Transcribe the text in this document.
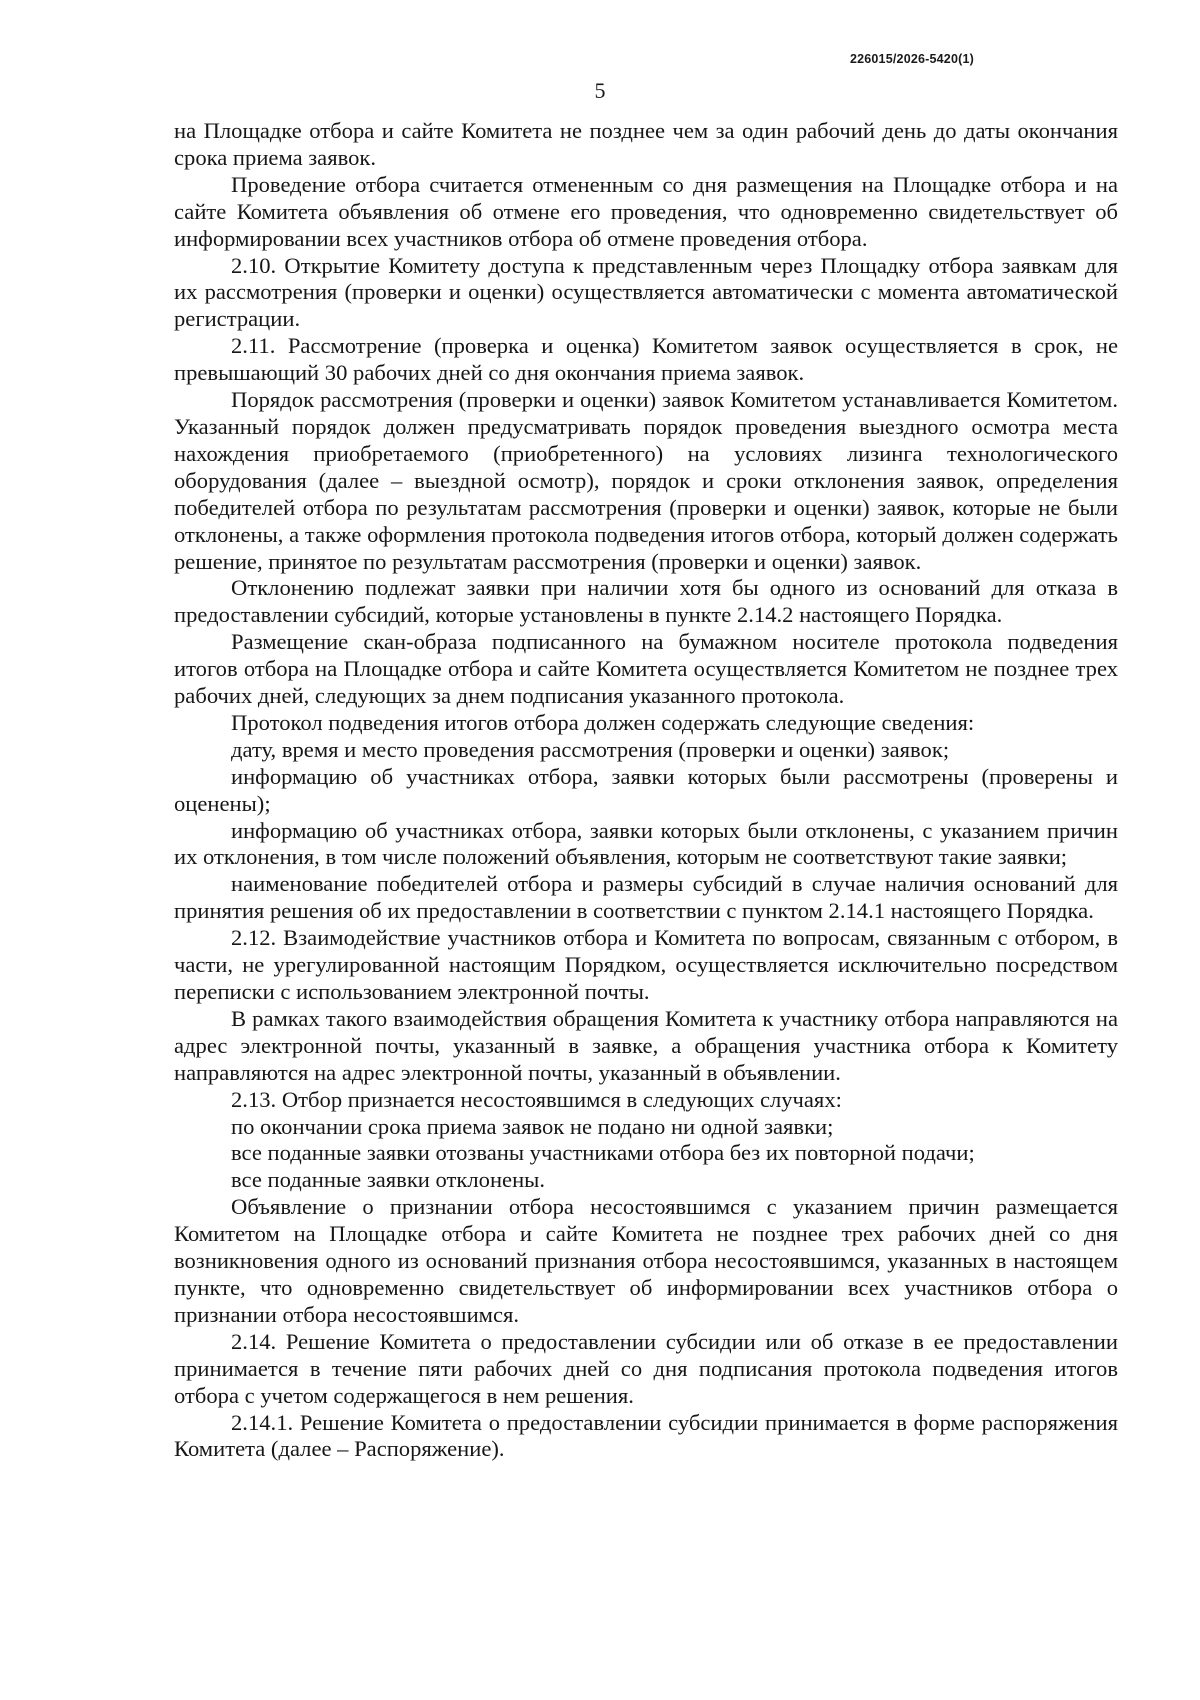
226015/2026-5420(1)
5

на Площадке отбора и сайте Комитета не позднее чем за один рабочий день до даты окончания срока приема заявок.

Проведение отбора считается отмененным со дня размещения на Площадке отбора и на сайте Комитета объявления об отмене его проведения, что одновременно свидетельствует об информировании всех участников отбора об отмене проведения отбора.

2.10. Открытие Комитету доступа к представленным через Площадку отбора заявкам для их рассмотрения (проверки и оценки) осуществляется автоматически с момента автоматической регистрации.

2.11. Рассмотрение (проверка и оценка) Комитетом заявок осуществляется в срок, не превышающий 30 рабочих дней со дня окончания приема заявок.

Порядок рассмотрения (проверки и оценки) заявок Комитетом устанавливается Комитетом. Указанный порядок должен предусматривать порядок проведения выездного осмотра места нахождения приобретаемого (приобретенного) на условиях лизинга технологического оборудования (далее – выездной осмотр), порядок и сроки отклонения заявок, определения победителей отбора по результатам рассмотрения (проверки и оценки) заявок, которые не были отклонены, а также оформления протокола подведения итогов отбора, который должен содержать решение, принятое по результатам рассмотрения (проверки и оценки) заявок.

Отклонению подлежат заявки при наличии хотя бы одного из оснований для отказа в предоставлении субсидий, которые установлены в пункте 2.14.2 настоящего Порядка.

Размещение скан-образа подписанного на бумажном носителе протокола подведения итогов отбора на Площадке отбора и сайте Комитета осуществляется Комитетом не позднее трех рабочих дней, следующих за днем подписания указанного протокола.

Протокол подведения итогов отбора должен содержать следующие сведения:

дату, время и место проведения рассмотрения (проверки и оценки) заявок;

информацию об участниках отбора, заявки которых были рассмотрены (проверены и оценены);

информацию об участниках отбора, заявки которых были отклонены, с указанием причин их отклонения, в том числе положений объявления, которым не соответствуют такие заявки;

наименование победителей отбора и размеры субсидий в случае наличия оснований для принятия решения об их предоставлении в соответствии с пунктом 2.14.1 настоящего Порядка.

2.12. Взаимодействие участников отбора и Комитета по вопросам, связанным с отбором, в части, не урегулированной настоящим Порядком, осуществляется исключительно посредством переписки с использованием электронной почты.

В рамках такого взаимодействия обращения Комитета к участнику отбора направляются на адрес электронной почты, указанный в заявке, а обращения участника отбора к Комитету направляются на адрес электронной почты, указанный в объявлении.

2.13. Отбор признается несостоявшимся в следующих случаях:

по окончании срока приема заявок не подано ни одной заявки;

все поданные заявки отозваны участниками отбора без их повторной подачи;

все поданные заявки отклонены.

Объявление о признании отбора несостоявшимся с указанием причин размещается Комитетом на Площадке отбора и сайте Комитета не позднее трех рабочих дней со дня возникновения одного из оснований признания отбора несостоявшимся, указанных в настоящем пункте, что одновременно свидетельствует об информировании всех участников отбора о признании отбора несостоявшимся.

2.14. Решение Комитета о предоставлении субсидии или об отказе в ее предоставлении принимается в течение пяти рабочих дней со дня подписания протокола подведения итогов отбора с учетом содержащегося в нем решения.

2.14.1. Решение Комитета о предоставлении субсидии принимается в форме распоряжения Комитета (далее – Распоряжение).
